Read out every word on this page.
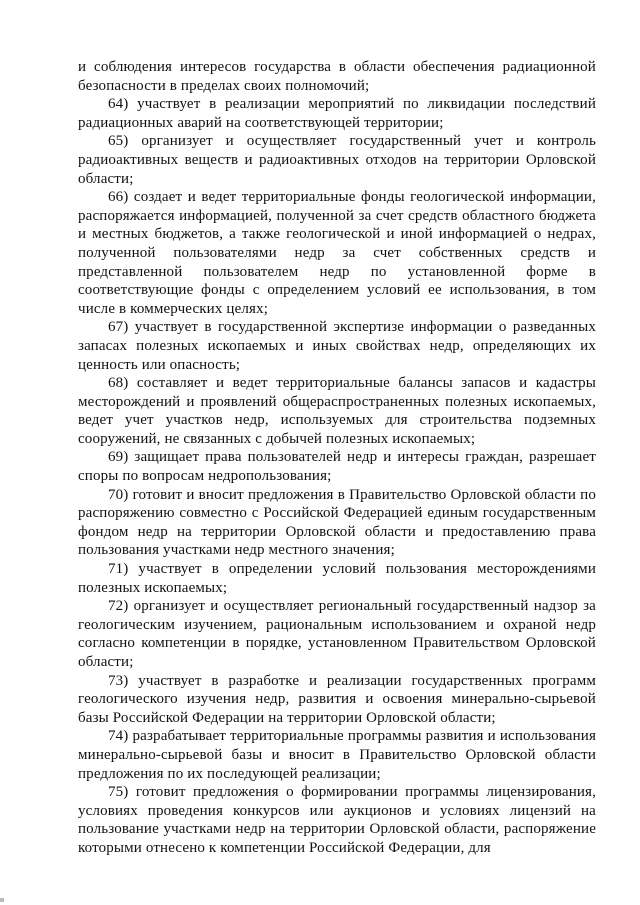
и соблюдения интересов государства в области обеспечения радиационной безопасности в пределах своих полномочий;

64) участвует в реализации мероприятий по ликвидации последствий радиационных аварий на соответствующей территории;

65) организует и осуществляет государственный учет и контроль радиоактивных веществ и радиоактивных отходов на территории Орловской области;

66) создает и ведет территориальные фонды геологической информации, распоряжается информацией, полученной за счет средств областного бюджета и местных бюджетов, а также геологической и иной информацией о недрах, полученной пользователями недр за счет собственных средств и представленной пользователем недр по установленной форме в соответствующие фонды с определением условий ее использования, в том числе в коммерческих целях;

67) участвует в государственной экспертизе информации о разведанных запасах полезных ископаемых и иных свойствах недр, определяющих их ценность или опасность;

68) составляет и ведет территориальные балансы запасов и кадастры месторождений и проявлений общераспространенных полезных ископаемых, ведет учет участков недр, используемых для строительства подземных сооружений, не связанных с добычей полезных ископаемых;

69) защищает права пользователей недр и интересы граждан, разрешает споры по вопросам недропользования;

70) готовит и вносит предложения в Правительство Орловской области по распоряжению совместно с Российской Федерацией единым государственным фондом недр на территории Орловской области и предоставлению права пользования участками недр местного значения;

71) участвует в определении условий пользования месторождениями полезных ископаемых;

72) организует и осуществляет региональный государственный надзор за геологическим изучением, рациональным использованием и охраной недр согласно компетенции в порядке, установленном Правительством Орловской области;

73) участвует в разработке и реализации государственных программ геологического изучения недр, развития и освоения минерально-сырьевой базы Российской Федерации на территории Орловской области;

74) разрабатывает территориальные программы развития и использования минерально-сырьевой базы и вносит в Правительство Орловской области предложения по их последующей реализации;

75) готовит предложения о формировании программы лицензирования, условиях проведения конкурсов или аукционов и условиях лицензий на пользование участками недр на территории Орловской области, распоряжение которыми отнесено к компетенции Российской Федерации, для
